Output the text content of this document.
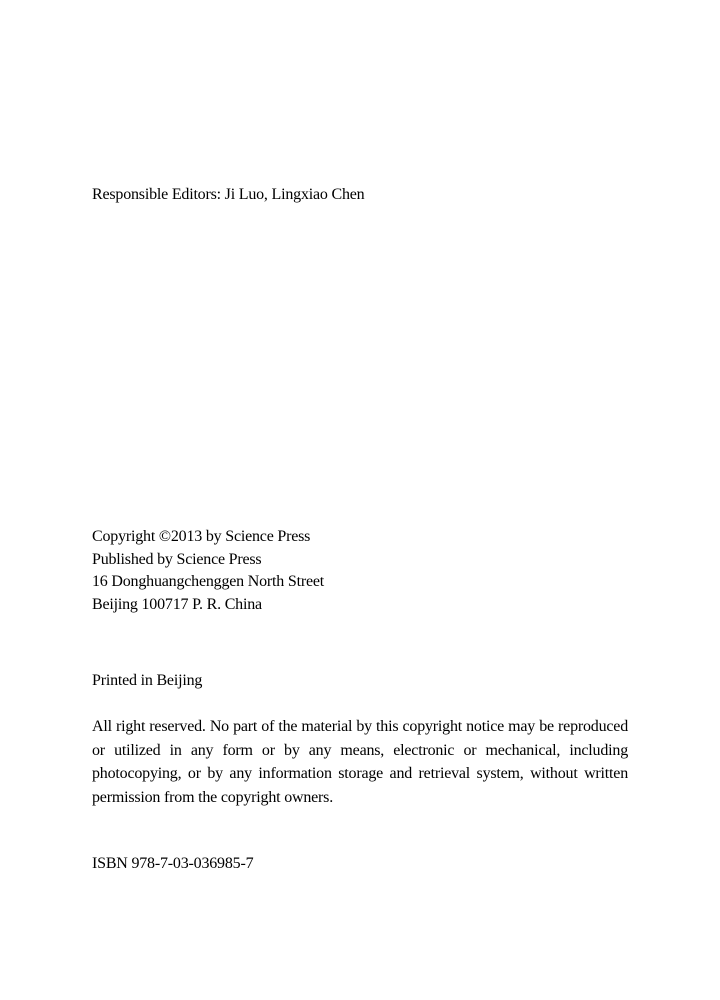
Responsible Editors: Ji Luo, Lingxiao Chen
Copyright ©2013 by Science Press
Published by Science Press
16 Donghuangchenggen North Street
Beijing 100717 P. R. China
Printed in Beijing

All right reserved. No part of the material by this copyright notice may be reproduced or utilized in any form or by any means, electronic or mechanical, including photocopying, or by any information storage and retrieval system, without written permission from the copyright owners.

ISBN 978-7-03-036985-7
